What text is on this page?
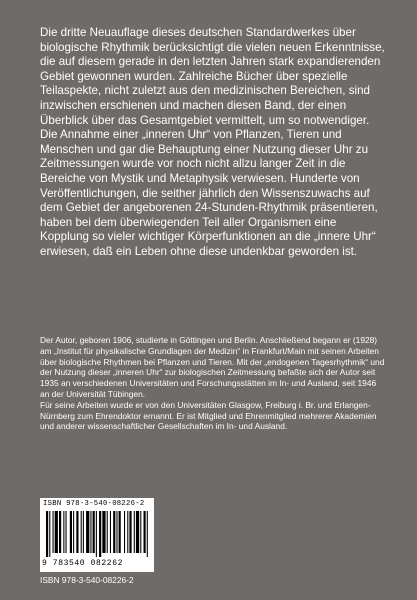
Die dritte Neuauflage dieses deutschen Standardwerkes über biologische Rhythmik berücksichtigt die vielen neuen Erkenntnisse, die auf diesem gerade in den letzten Jahren stark expandierenden Gebiet gewonnen wurden. Zahlreiche Bücher über spezielle Teilaspekte, nicht zuletzt aus den medizinischen Bereichen, sind inzwischen erschienen und machen diesen Band, der einen Überblick über das Gesamtgebiet vermittelt, um so notwendiger. Die Annahme einer „inneren Uhr“ von Pflanzen, Tieren und Menschen und gar die Behauptung einer Nutzung dieser Uhr zu Zeitmessungen wurde vor noch nicht allzu langer Zeit in die Bereiche von Mystik und Metaphysik verwiesen. Hunderte von Veröffentlichungen, die seither jährlich den Wissenszuwachs auf dem Gebiet der angeborenen 24-Stunden-Rhythmik präsentieren, haben bei dem überwiegenden Teil aller Organismen eine Kopplung so vieler wichtiger Körperfunktionen an die „innere Uhr“ erwiesen, daß ein Leben ohne diese undenkbar geworden ist.

Der Autor, geboren 1906, studierte in Göttingen und Berlin. Anschließend begann er (1928) am „Institut für physikalische Grundlagen der Medizin“ in Frankfurt/Main mit seinen Arbeiten über biologische Rhythmen bei Pflanzen und Tieren. Mit der „endogenen Tagesrhythmik“ und der Nutzung dieser „inneren Uhr“ zur biologischen Zeitmessung befaßte sich der Autor seit 1935 an verschiedenen Universitäten und Forschungsstätten im In- und Ausland, seit 1946 an der Universität Tübingen.

Für seine Arbeiten wurde er von den Universitäten Glasgow, Freiburg i. Br. und Erlangen-Nürnberg zum Ehrendoktor ernannt. Er ist Mitglied und Ehrenmitglied mehrerer Akademien und anderer wissenschaftlicher Gesellschaften im In- und Ausland.

ISBN 978-3-540-08226-2
9 783540 082262
ISBN 978-3-540-08226-2
